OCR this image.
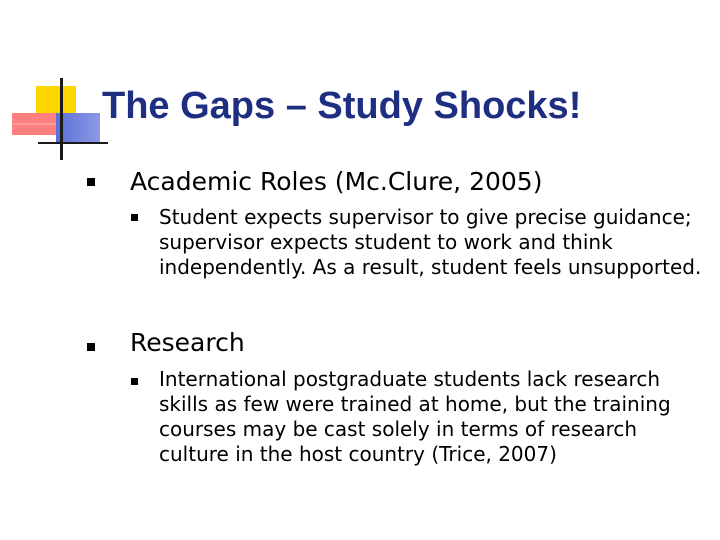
The Gaps – Study Shocks!
Academic Roles (Mc.Clure, 2005)
Student expects supervisor to give precise guidance; supervisor expects student to work and think independently. As a result, student feels unsupported.
Research
International postgraduate students lack research skills as few were trained at home, but the training courses may be cast solely in terms of research culture in the host country (Trice, 2007)
